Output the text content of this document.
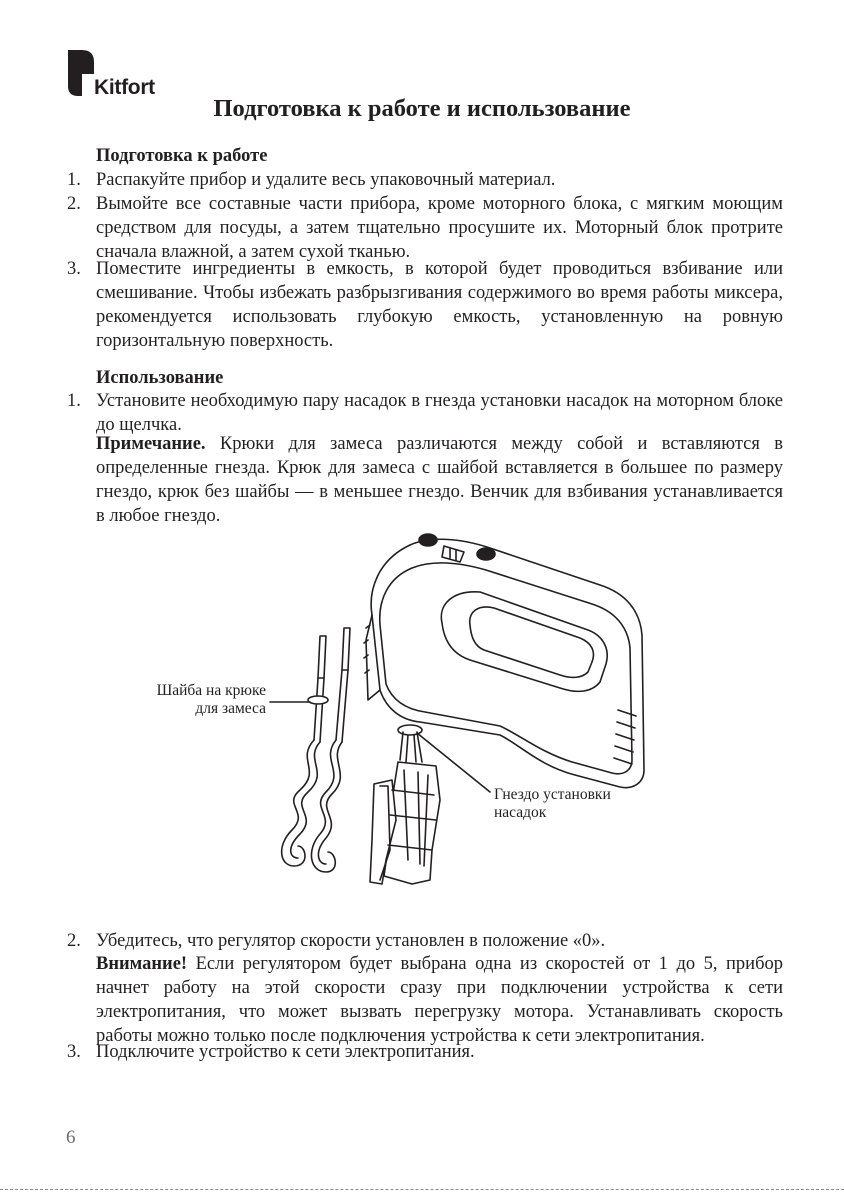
Kitfort
Подготовка к работе и использование

Подготовка к работе

1. Распакуйте прибор и удалите весь упаковочный материал.
2. Вымойте все составные части прибора, кроме моторного блока, с мягким моющим средством для посуды, а затем тщательно просушите их. Моторный блок протрите сначала влажной, а затем сухой тканью.
3. Поместите ингредиенты в емкость, в которой будет проводиться взбивание или смешивание. Чтобы избежать разбрызгивания содержимого во время работы миксера, рекомендуется использовать глубокую емкость, установленную на ровную горизонтальную поверхность.

Использование

1. Установите необходимую пару насадок в гнезда установки насадок на моторном блоке до щелчка.
Примечание. Крюки для замеса различаются между собой и вставляются в определенные гнезда. Крюк для замеса с шайбой вставляется в большее по размеру гнездо, крюк без шайбы — в меньшее гнездо. Венчик для взбивания устанавливается в любое гнездо.
Шайба на крюке
для замеса
Гнездо установки
насадок
2. Убедитесь, что регулятор скорости установлен в положение «0».
Внимание! Если регулятором будет выбрана одна из скоростей от 1 до 5, прибор начнет работу на этой скорости сразу при подключении устройства к сети электропитания, что может вызвать перегрузку мотора. Устанавливать скорость работы можно только после подключения устройства к сети электропитания.
3. Подключите устройство к сети электропитания.
6
